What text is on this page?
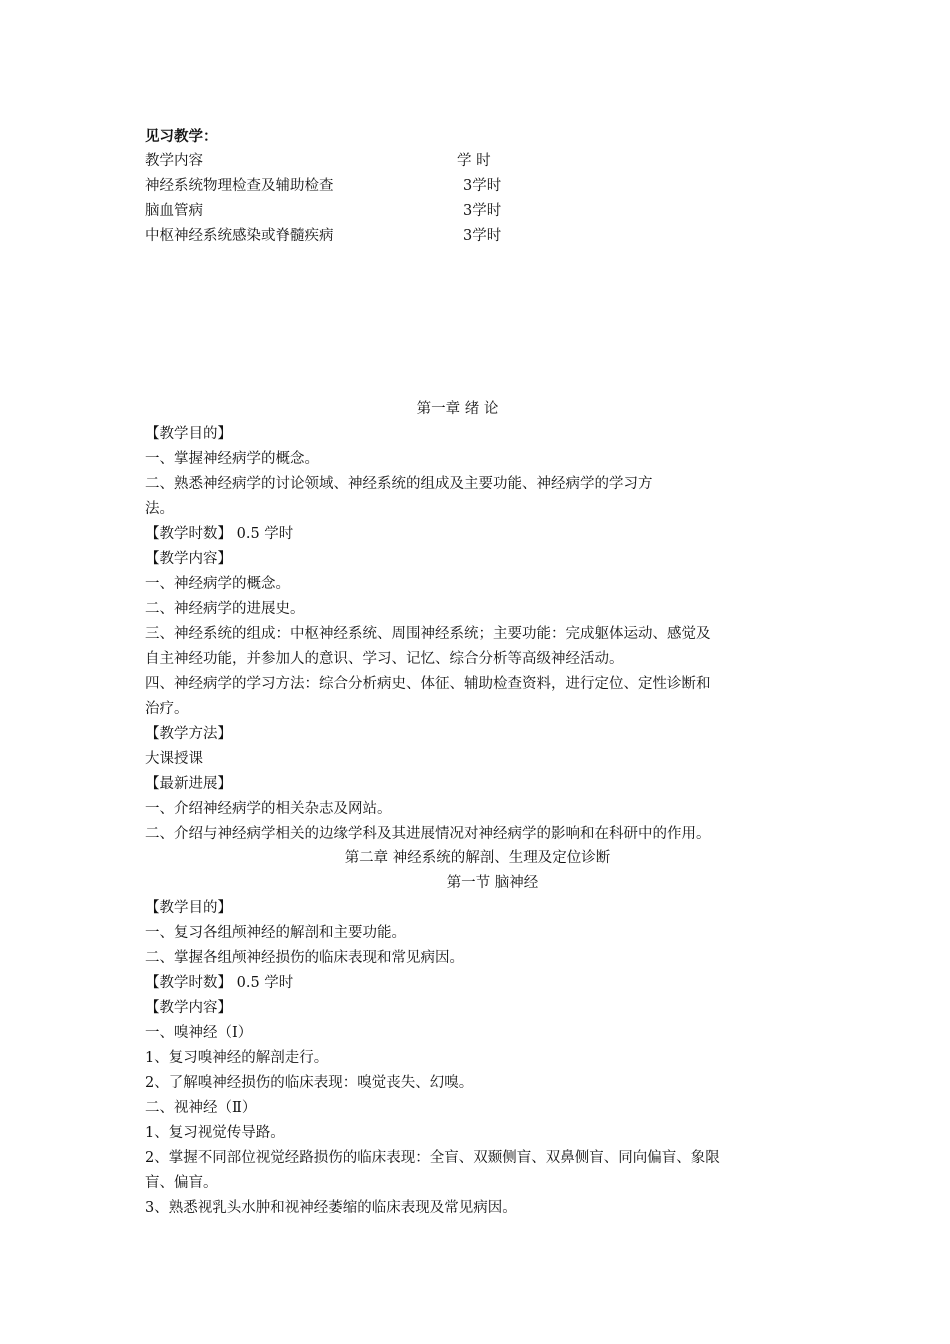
见习教学：
教学内容	学 时
神经系统物理检查及辅助检查	3学时
脑血管病	3学时
中枢神经系统感染或脊髓疾病	3学时
第一章 绪 论
【教学目的】
一、掌握神经病学的概念。
二、熟悉神经病学的讨论领域、神经系统的组成及主要功能、神经病学的学习方
法。
【教学时数】 0.5 学时
【教学内容】
一、神经病学的概念。
二、神经病学的进展史。
三、神经系统的组成：中枢神经系统、周围神经系统；主要功能：完成躯体运动、感觉及
自主神经功能，并参加人的意识、学习、记忆、综合分析等高级神经活动。
四、神经病学的学习方法：综合分析病史、体征、辅助检查资料，进行定位、定性诊断和
治疗。
【教学方法】
大课授课
【最新进展】
一、介绍神经病学的相关杂志及网站。
二、介绍与神经病学相关的边缘学科及其进展情况对神经病学的影响和在科研中的作用。
第二章 神经系统的解剖、生理及定位诊断
第一节 脑神经
【教学目的】
一、复习各组颅神经的解剖和主要功能。
二、掌握各组颅神经损伤的临床表现和常见病因。
【教学时数】 0.5 学时
【教学内容】
一、嗅神经（Ⅰ）
1、复习嗅神经的解剖走行。
2、了解嗅神经损伤的临床表现：嗅觉丧失、幻嗅。
二、视神经（Ⅱ）
1、复习视觉传导路。
2、掌握不同部位视觉经路损伤的临床表现：全盲、双颞侧盲、双鼻侧盲、同向偏盲、象限
盲、偏盲。
3、熟悉视乳头水肿和视神经萎缩的临床表现及常见病因。
